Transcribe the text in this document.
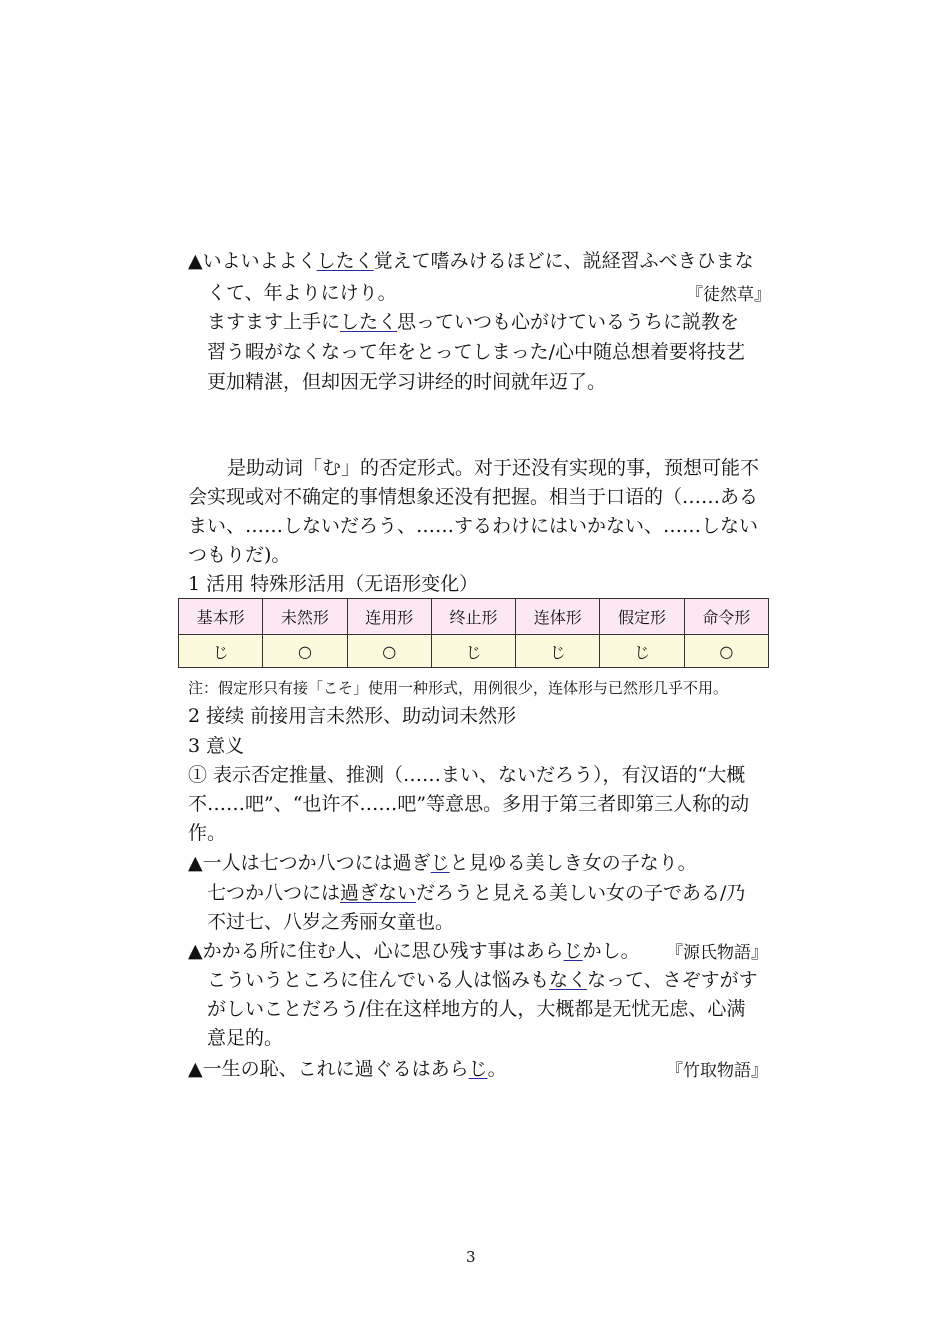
▲いよいよよくしたく覚えて嗜みけるほどに、説経習ふべきひまな
くて、年よりにけり。	『徒然草』
ますます上手にしたく思っていつも心がけているうちに説教を
習う暇がなくなって年をとってしまった/心中随总想着要将技艺
更加精湛，但却因无学习讲经的时间就年迈了。
是助动词「む」的否定形式。对于还没有实现的事，预想可能不
会实现或对不确定的事情想象还没有把握。相当于口语的（……ある
まい、……しないだろう、……するわけにはいかない、……しない
つもりだ)。
1 活用 特殊形活用（无语形变化）
基本形	未然形	连用形	终止形	连体形	假定形	命令形
じ	○	○	じ	じ	じ	○
注：假定形只有接「こそ」使用一种形式，用例很少，连体形与已然形几乎不用。
2 接续 前接用言未然形、助动词未然形
3 意义
① 表示否定推量、推测（……まい、ないだろう），有汉语的“大概
不……吧”、“也许不……吧”等意思。多用于第三者即第三人称的动
作。
▲一人は七つか八つには過ぎじと見ゆる美しき女の子なり。
七つか八つには過ぎないだろうと見える美しい女の子である/乃
不过七、八岁之秀丽女童也。
▲かかる所に住む人、心に思ひ残す事はあらじかし。 『源氏物語』
こういうところに住んでいる人は悩みもなくなって、さぞすがす
がしいことだろう/住在这样地方的人，大概都是无忧无虑、心满
意足的。
▲一生の恥、これに過ぐるはあらじ。	『竹取物語』
3
